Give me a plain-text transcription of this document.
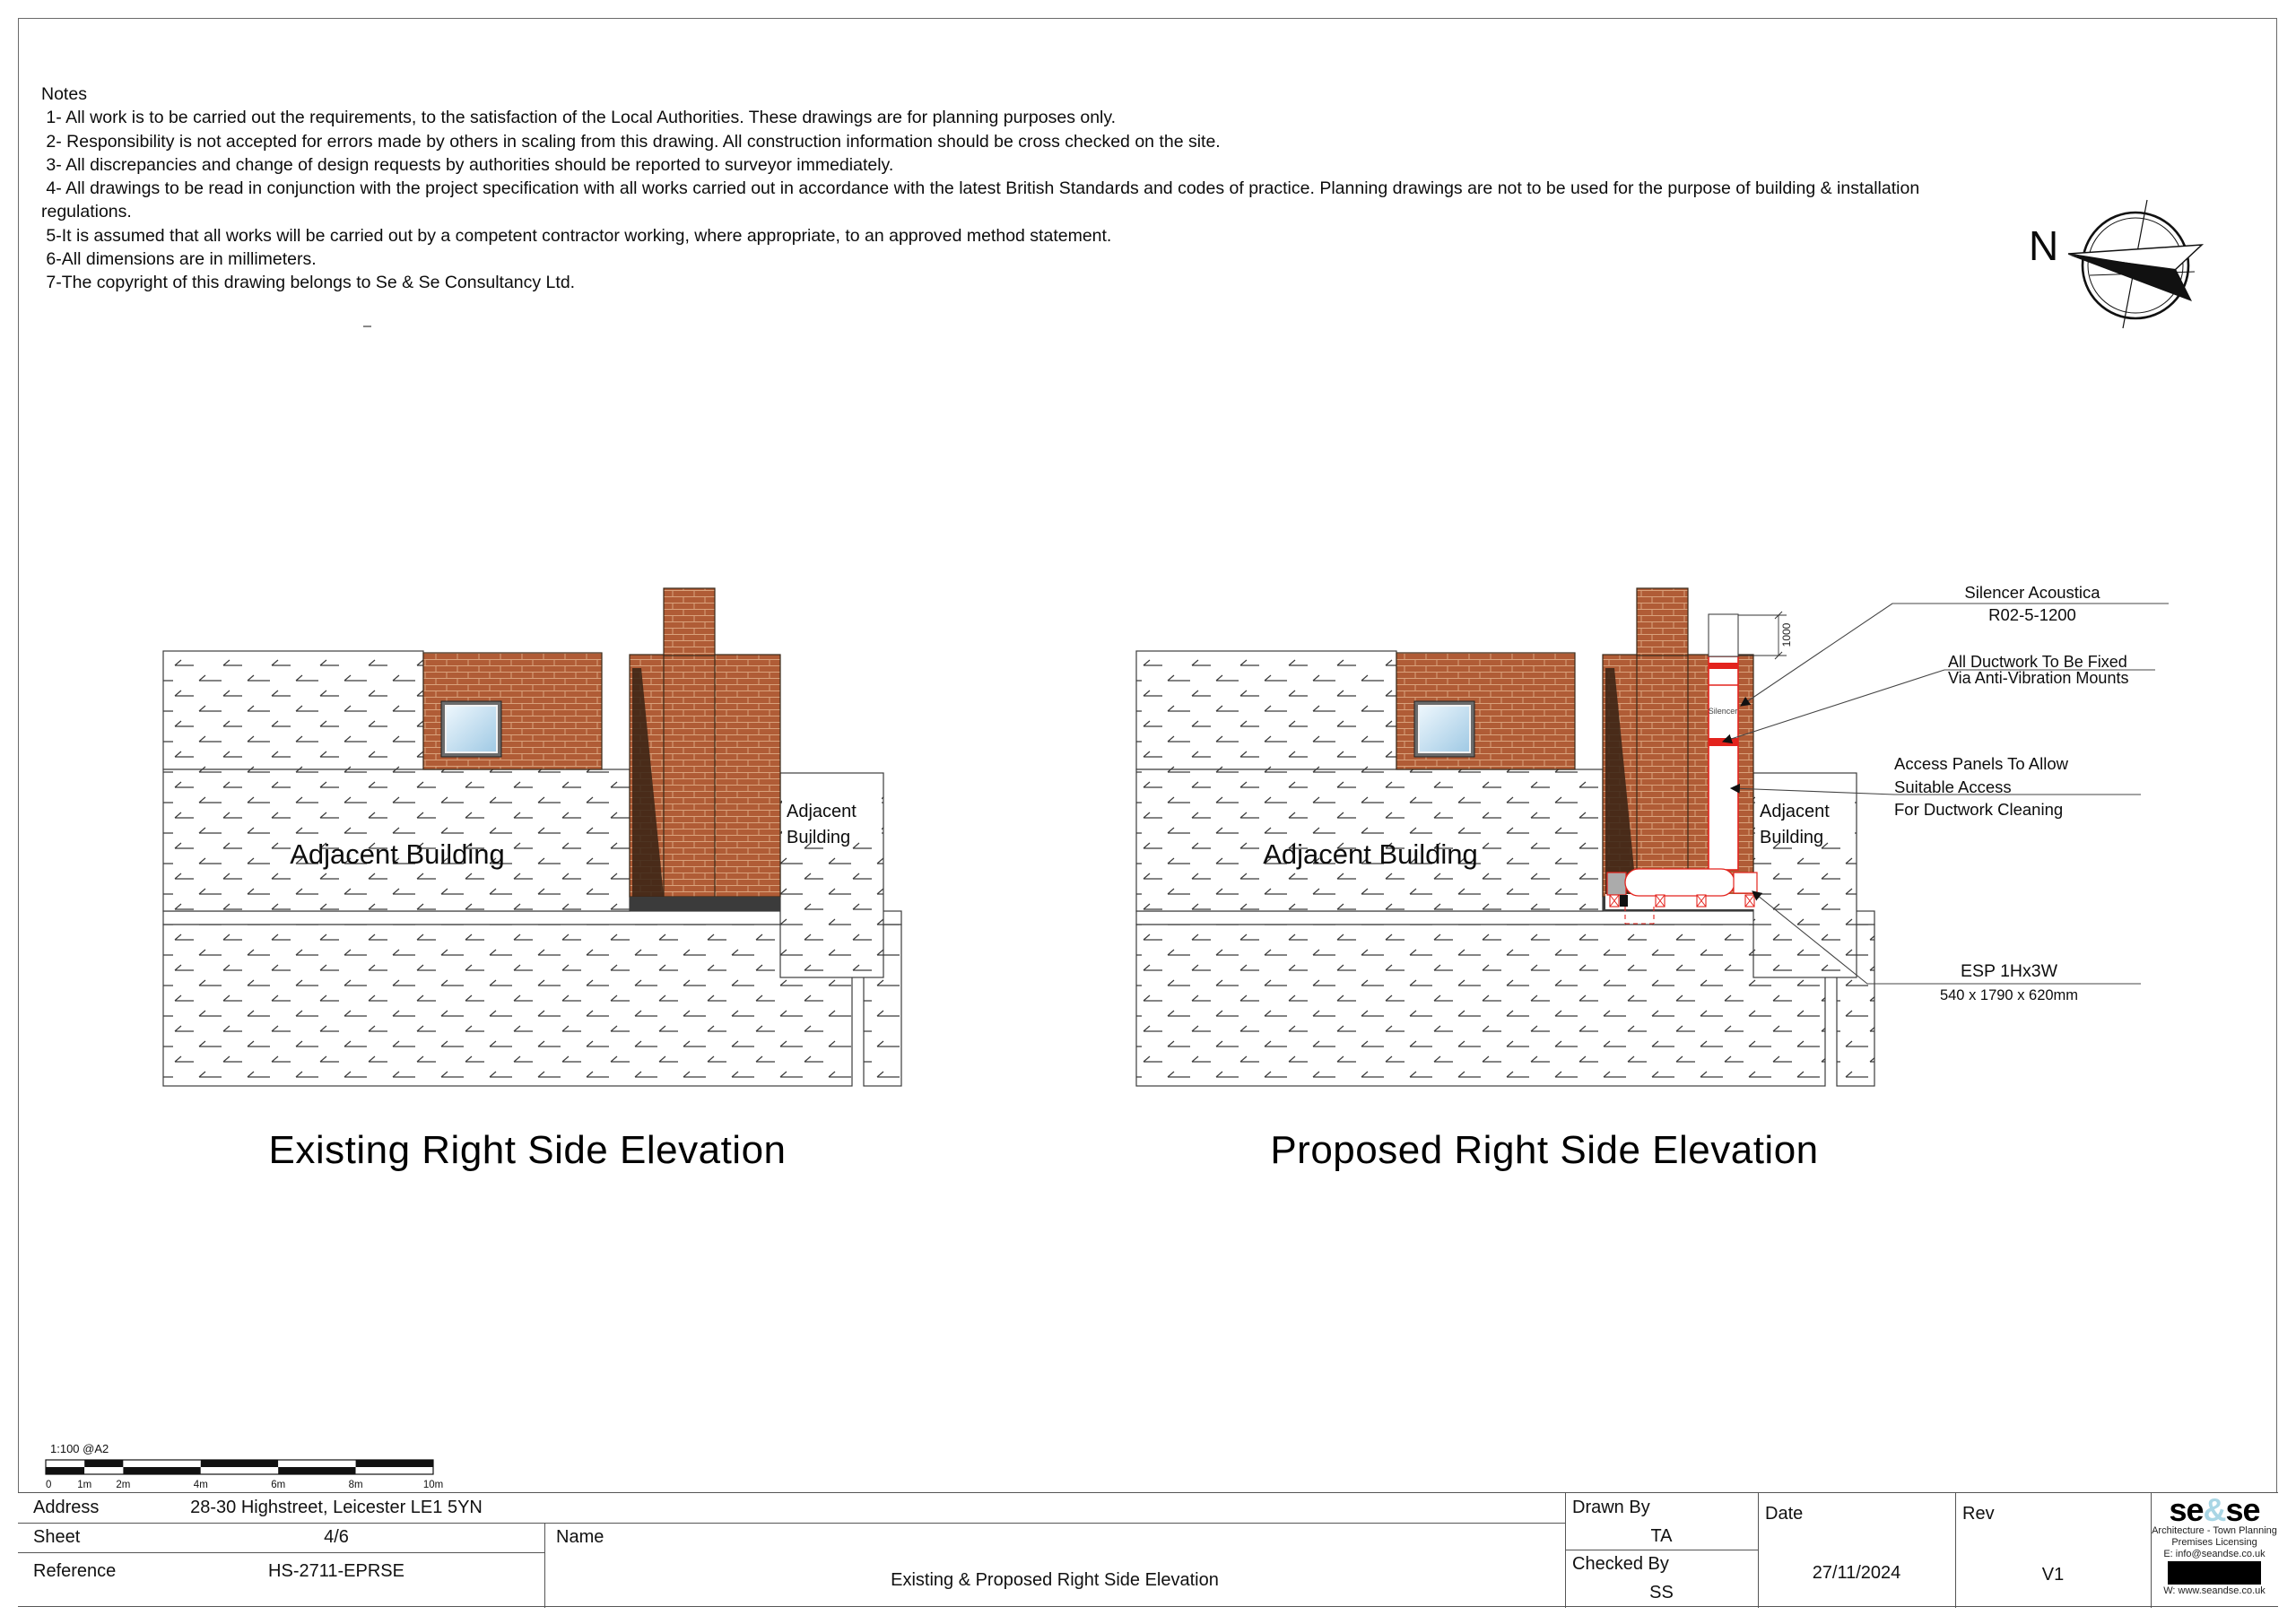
Notes
1- All work is to be carried out the requirements, to the satisfaction of the Local Authorities. These drawings are for planning purposes only.
2- Responsibility is not accepted for errors made by others in scaling from this drawing. All construction information should be cross checked on the site.
3- All discrepancies and change of design requests by authorities should be reported to surveyor immediately.
4- All drawings to be read in conjunction with the project specification with all works carried out in accordance with the latest British Standards and codes of practice. Planning drawings are not to be used for the purpose of building & installation
regulations.
5-It is assumed that all works will be carried out by a competent contractor working, where appropriate, to an approved method statement.
6-All dimensions are in millimeters.
7-The copyright of this drawing belongs to Se & Se Consultancy Ltd.
Adjacent Building
Adjacent
Building
Adjacent Building
Adjacent
Building
Silencer
1000
N
1:100 @A2
0	1m 2m	4m	6m	8m	10m
Existing Right Side Elevation	Proposed Right Side Elevation
Silencer Acoustica
R02-5-1200
All Ductwork To Be Fixed
Via Anti-Vibration Mounts
Access Panels To Allow
Suitable Access
For Ductwork Cleaning
ESP 1Hx3W
540 x 1790 x 620mm
Address	28-30 Highstreet, Leicester LE1 5YN
Sheet	4/6
Reference	HS-2711-EPRSE
Name
Existing & Proposed Right Side Elevation
Drawn By
TA
Checked By
SS
Date
27/11/2024
Rev
V1
se&se
Architecture - Town Planning
Premises Licensing
E: info@seandse.co.uk
W: www.seandse.co.uk
